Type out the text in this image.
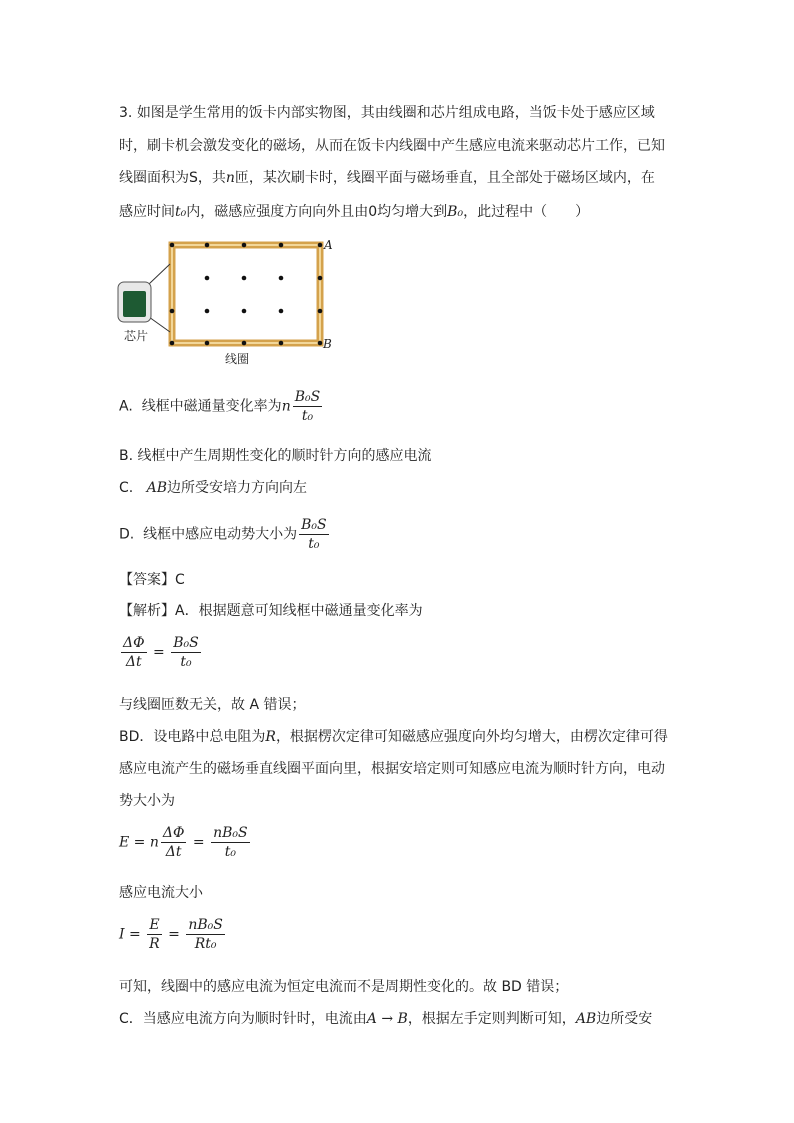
3. 如图是学生常用的饭卡内部实物图，其由线圈和芯片组成电路，当饭卡处于感应区域
时，刷卡机会激发变化的磁场，从而在饭卡内线圈中产生感应电流来驱动芯片工作，已知
线圈面积为S，共n匝，某次刷卡时，线圈平面与磁场垂直，且全部处于磁场区域内，在
感应时间t₀内，磁感应强度方向向外且由0均匀增大到B₀，此过程中（　　）
A
B
芯片
线圈
A. 线框中磁通量变化率为n $\frac{\text{B₀S}}{\text{t₀}}$
B. 线框中产生周期性变化的顺时针方向的感应电流
C. AB边所受安培力方向向左
D. 线框中感应电动势大小为 $\frac{\text{B₀S}}{\text{t₀}}$
【答案】C
【解析】A．根据题意可知线框中磁通量变化率为
$\frac{\Delta\Phi}{\Delta t} = \frac{\text{B₀S}}{\text{t₀}}$
与线圈匝数无关，故 A 错误；
BD．设电路中总电阻为R，根据楞次定律可知磁感应强度向外均匀增大，由楞次定律可得
感应电流产生的磁场垂直线圈平面向里，根据安培定则可知感应电流为顺时针方向，电动
势大小为
E = n $\frac{\Delta\Phi}{\Delta t} = \frac{\text{nB₀S}}{\text{t₀}}$
感应电流大小
$I = \frac{E}{R} = \frac{\text{nB₀S}}{\text{Rt₀}}$
可知，线圈中的感应电流为恒定电流而不是周期性变化的。故 BD 错误；
C．当感应电流方向为顺时针时，电流由A → B，根据左手定则判断可知，AB边所受安
